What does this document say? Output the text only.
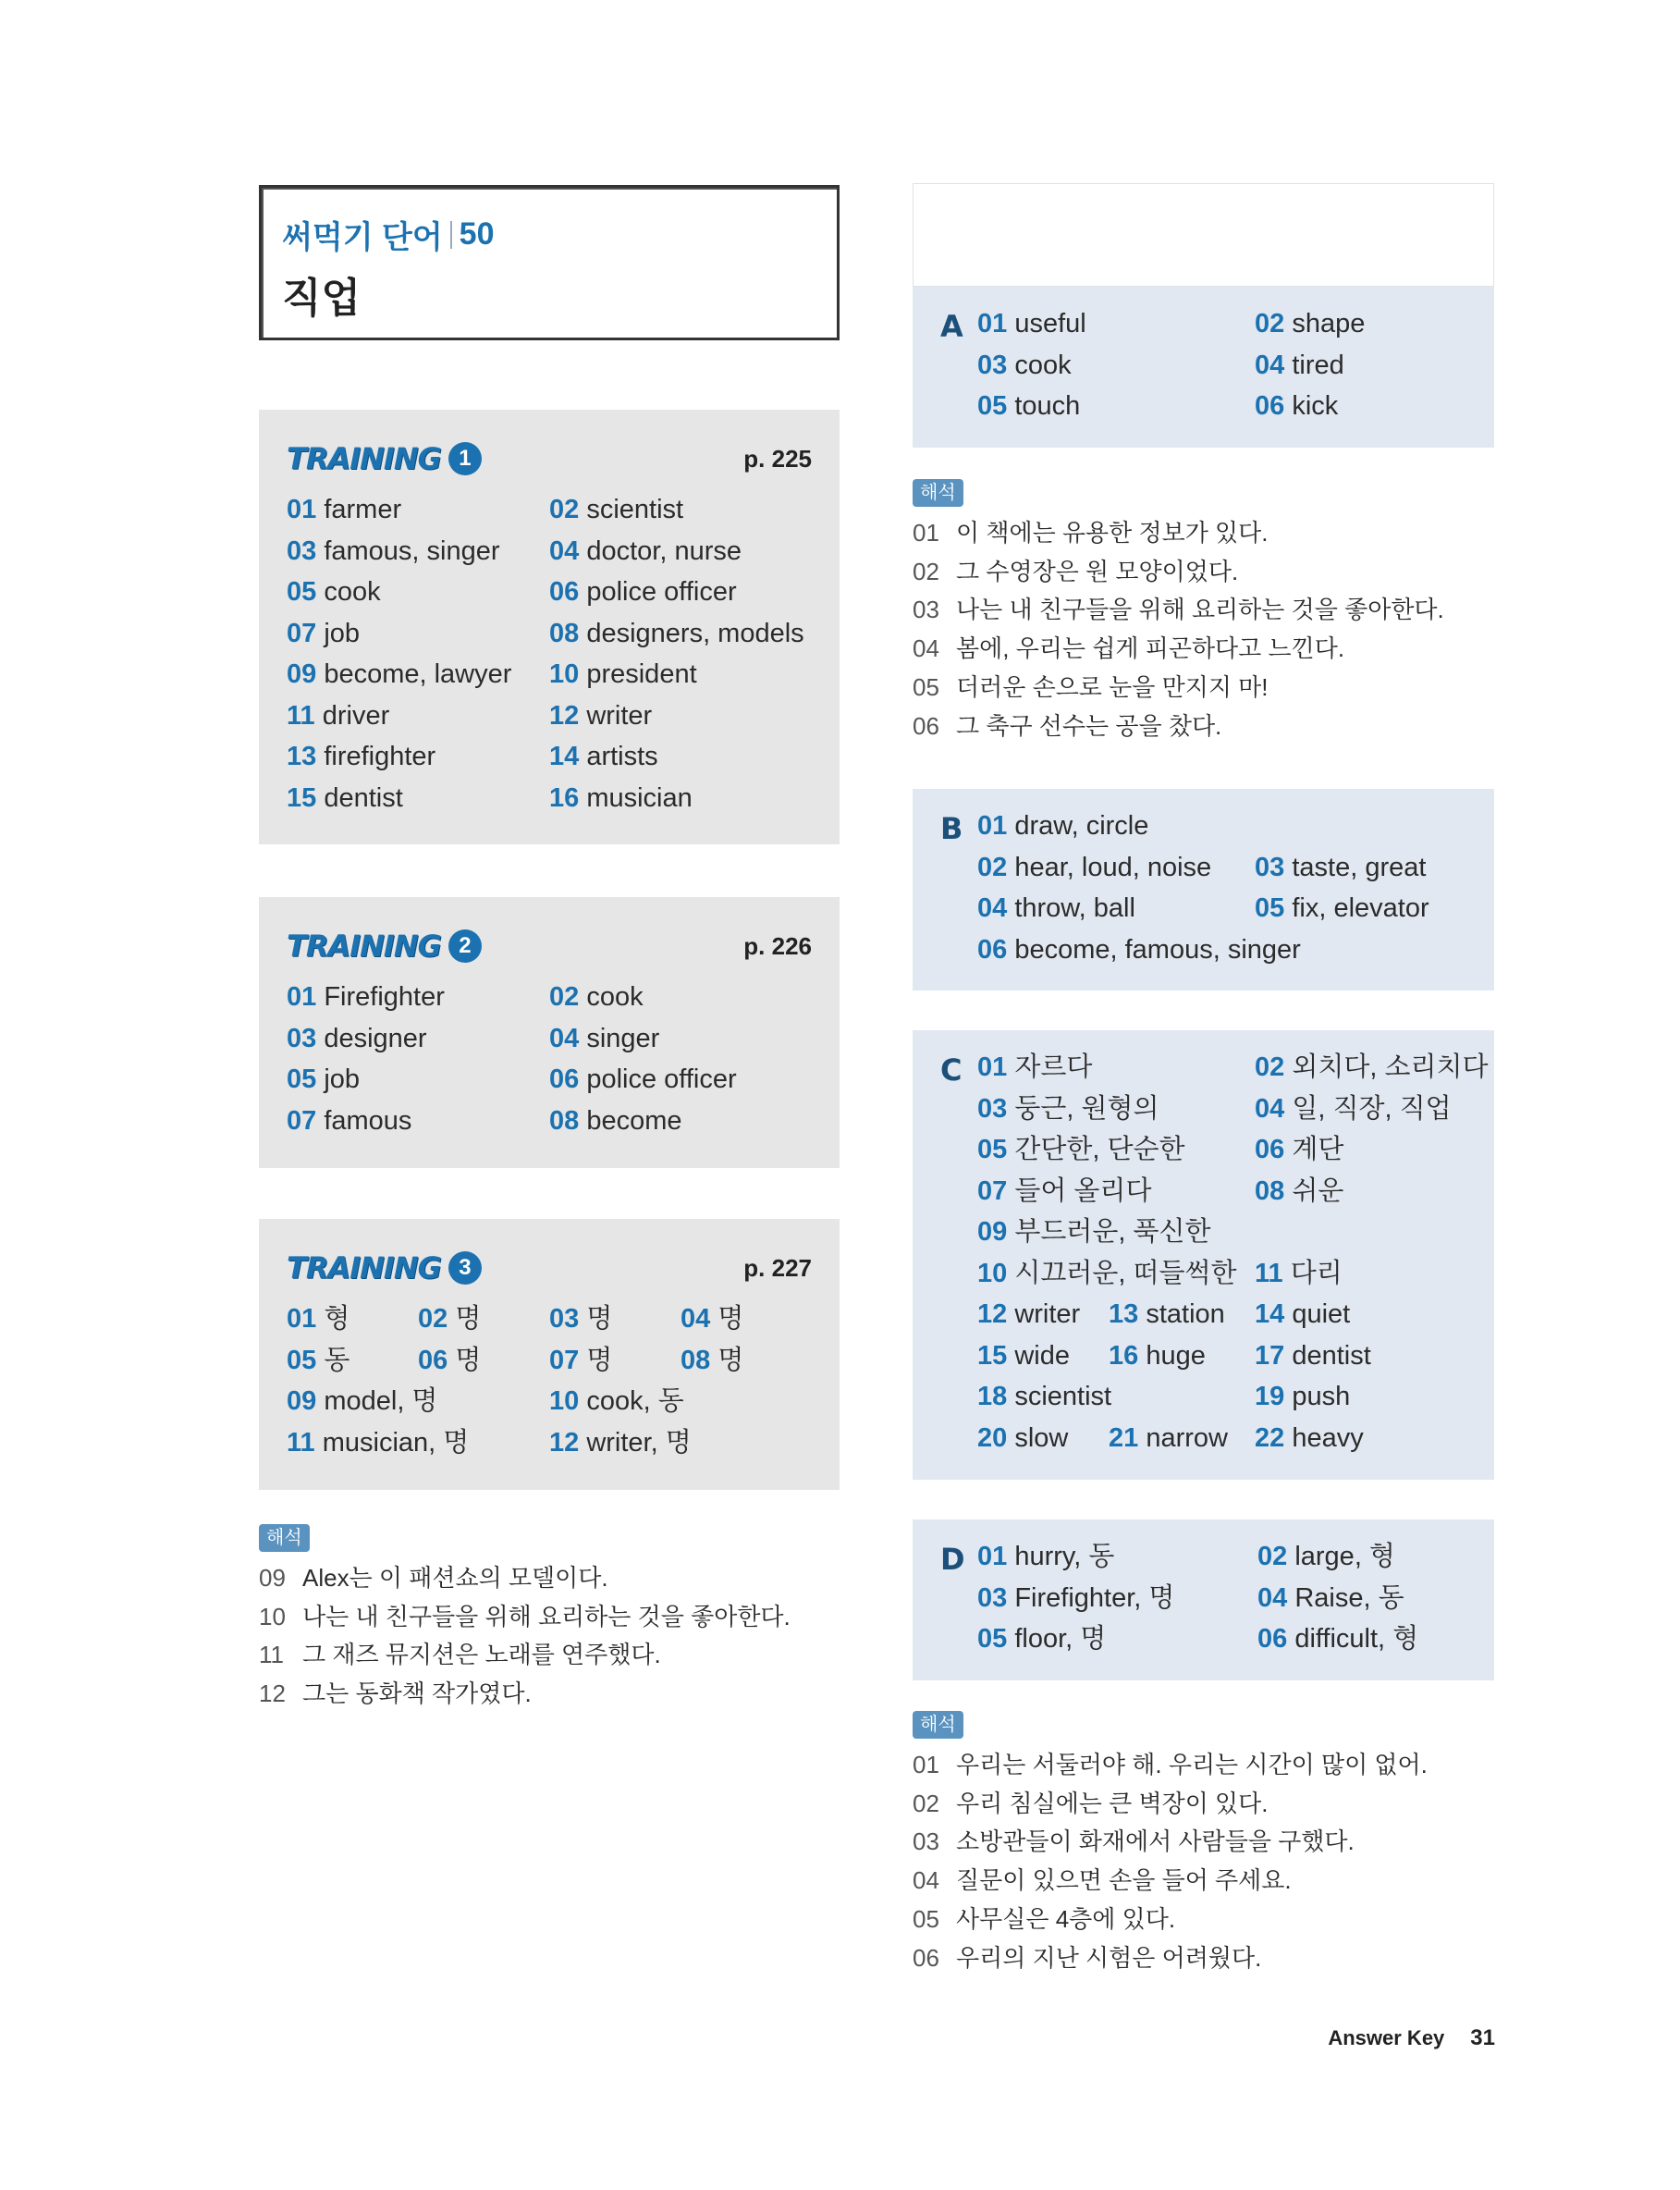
써먹기 단어 50
직업
TRAINING 1	p. 225
01 farmer	02 scientist
03 famous, singer	04 doctor, nurse
05 cook	06 police officer
07 job	08 designers, models
09 become, lawyer	10 president
11 driver	12 writer
13 firefighter	14 artists
15 dentist	16 musician
TRAINING 2	p. 226
01 Firefighter	02 cook
03 designer	04 singer
05 job	06 police officer
07 famous	08 become
TRAINING 3	p. 227
01 형	02 명	03 명	04 명
05 동	06 명	07 명	08 명
09 model, 명	10 cook, 동
11 musician, 명	12 writer, 명
해석
09 Alex는 이 패션쇼의 모델이다.
10 나는 내 친구들을 위해 요리하는 것을 좋아한다.
11 그 재즈 뮤지션은 노래를 연주했다.
12 그는 동화책 작가였다.
A 01 useful	02 shape
03 cook	04 tired
05 touch	06 kick
해석
01 이 책에는 유용한 정보가 있다.
02 그 수영장은 원 모양이었다.
03 나는 내 친구들을 위해 요리하는 것을 좋아한다.
04 봄에, 우리는 쉽게 피곤하다고 느낀다.
05 더러운 손으로 눈을 만지지 마!
06 그 축구 선수는 공을 찼다.
B 01 draw, circle
02 hear, loud, noise	03 taste, great
04 throw, ball	05 fix, elevator
06 become, famous, singer
C 01 자르다	02 외치다, 소리치다
03 둥근, 원형의	04 일, 직장, 직업
05 간단한, 단순한	06 계단
07 들어 올리다	08 쉬운
09 부드러운, 푹신한
10 시끄러운, 떠들썩한 11 다리
12 writer	13 station	14 quiet
15 wide	16 huge	17 dentist
18 scientist	19 push
20 slow	21 narrow	22 heavy
D 01 hurry, 동	02 large, 형
03 Firefighter, 명	04 Raise, 동
05 floor, 명	06 difficult, 형
해석
01 우리는 서둘러야 해. 우리는 시간이 많이 없어.
02 우리 침실에는 큰 벽장이 있다.
03 소방관들이 화재에서 사람들을 구했다.
04 질문이 있으면 손을 들어 주세요.
05 사무실은 4층에 있다.
06 우리의 지난 시험은 어려웠다.
Answer Key 31
